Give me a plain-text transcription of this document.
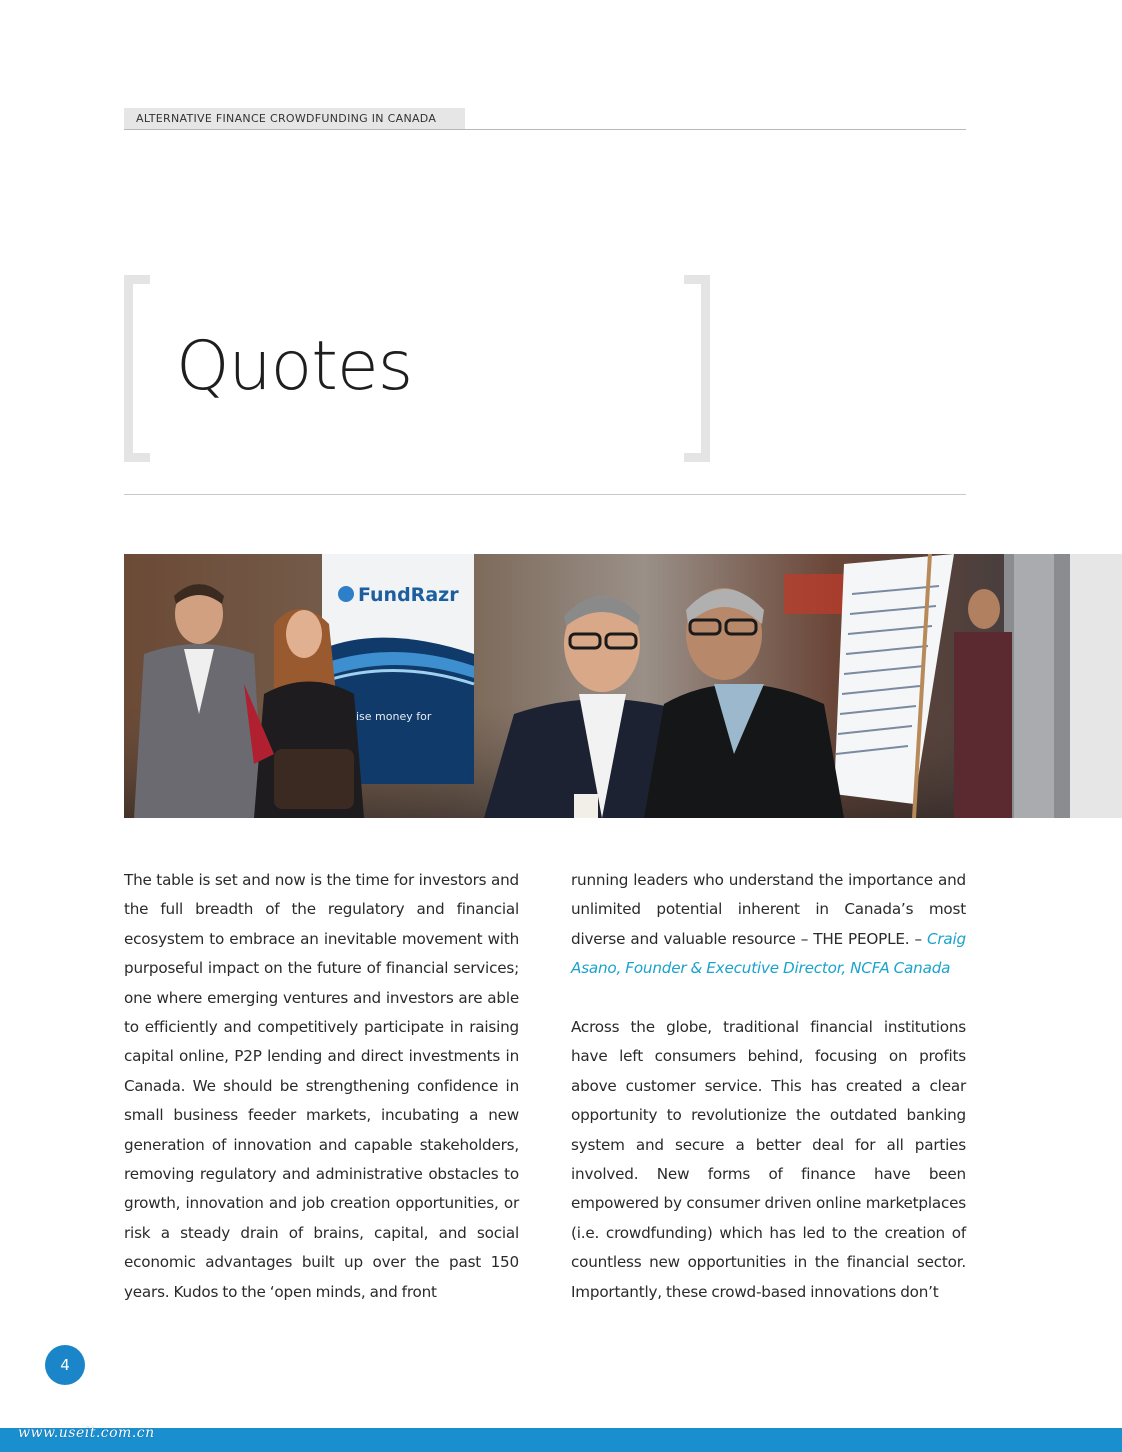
ALTERNATIVE FINANCE CROWDFUNDING IN CANADA
Quotes
FundRazr
ise money for

The table is set and now is the time for investors and the full breadth of the regulatory and financial ecosystem to embrace an inevitable movement with purposeful impact on the future of financial services; one where emerging ventures and investors are able to efficiently and competitively participate in raising capital online, P2P lending and direct investments in Canada. We should be strengthening confidence in small business feeder markets, incubating a new generation of innovation and capable stakeholders, removing regulatory and administrative obstacles to growth, innovation and job creation opportunities, or risk a steady drain of brains, capital, and social economic advantages built up over the past 150 years. Kudos to the ‘open minds, and front

running leaders who understand the importance and unlimited potential inherent in Canada’s most diverse and valuable resource – THE PEOPLE. – Craig Asano, Founder & Executive Director, NCFA Canada

Across the globe, traditional financial institutions have left consumers behind, focusing on profits above customer service. This has created a clear opportunity to revolutionize the outdated banking system and secure a better deal for all parties involved. New forms of finance have been empowered by consumer driven online marketplaces (i.e. crowdfunding) which has led to the creation of countless new opportunities in the financial sector. Importantly, these crowd-based innovations don’t

4
www.useit.com.cn
